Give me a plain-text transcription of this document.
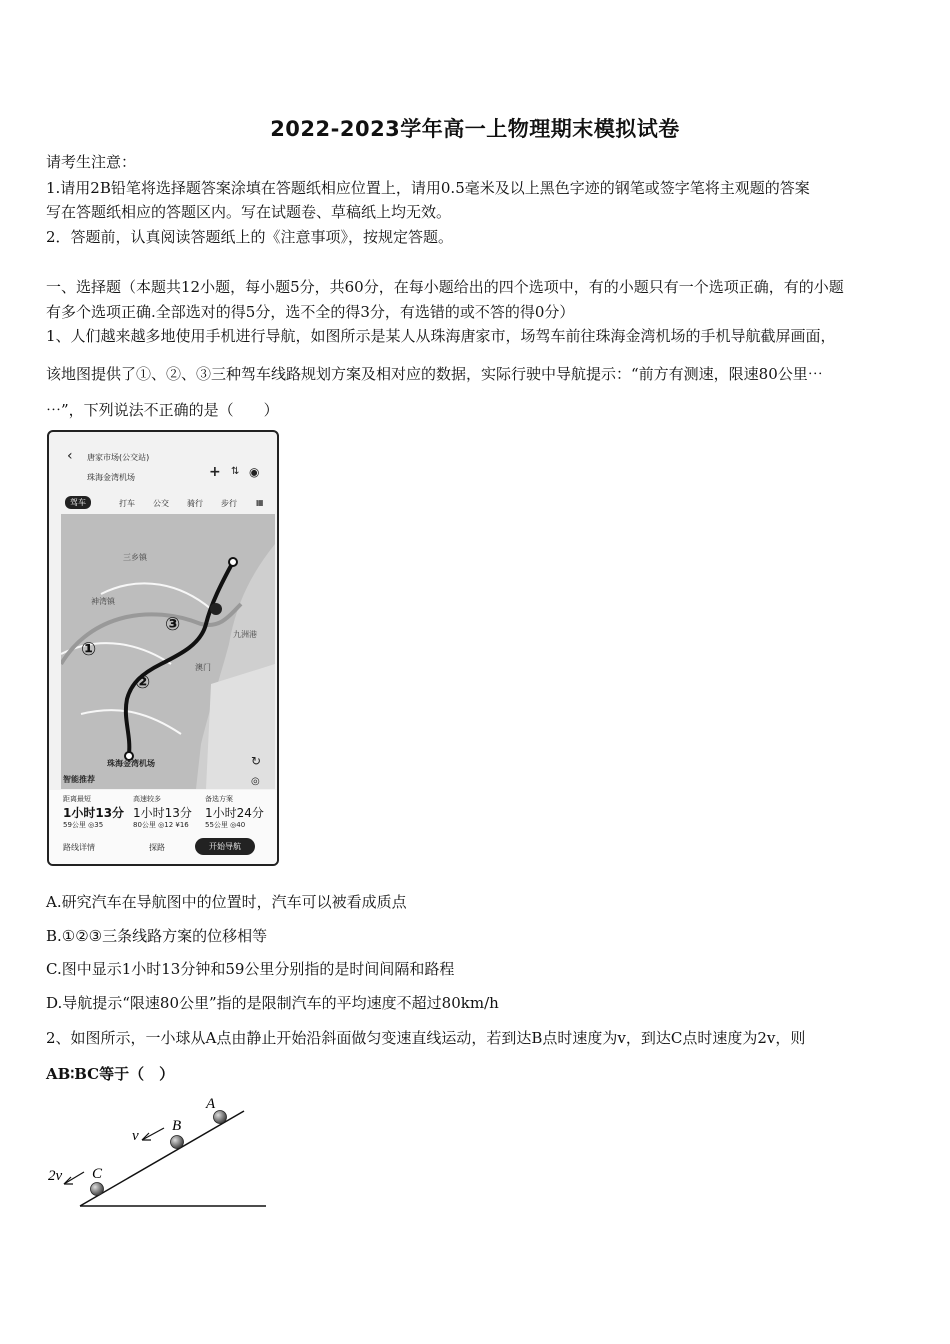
2022-2023学年高一上物理期末模拟试卷
请考生注意：
1.请用2B铅笔将选择题答案涂填在答题纸相应位置上，请用0.5毫米及以上黑色字迹的钢笔或签字笔将主观题的答案
写在答题纸相应的答题区内。写在试题卷、草稿纸上均无效。
2．答题前，认真阅读答题纸上的《注意事项》，按规定答题。
一、选择题（本题共12小题，每小题5分，共60分，在每小题给出的四个选项中，有的小题只有一个选项正确，有的小题
有多个选项正确.全部选对的得5分，选不全的得3分，有选错的或不答的得0分）
1、人们越来越多地使用手机进行导航，如图所示是某人从珠海唐家市，场驾车前往珠海金湾机场的手机导航截屏画面，
该地图提供了①、②、③三种驾车线路规划方案及相对应的数据，实际行驶中导航提示：“前方有测速，限速80公里⋯
⋯”，下列说法不正确的是（　　）
‹ 唐家市场(公交站)
珠海金湾机场	+ ⇅ ◉
驾车	打车 公交 骑行 步行 ▦
三乡镇
神湾镇
九洲港
澳门
珠海金湾机场
①
②
③
↻
◎
智能推荐
距离最短
1小时13分
59公里 ◎35
高速较多
1小时13分
80公里 ◎12 ¥16
备选方案
1小时24分
55公里 ◎40
路线详情	探路	开始导航
A.研究汽车在导航图中的位置时，汽车可以被看成质点
B.①②③三条线路方案的位移相等
C.图中显示1小时13分钟和59公里分别指的是时间间隔和路程
D.导航提示“限速80公里”指的是限制汽车的平均速度不超过80km/h
2、如图所示，一小球从A点由静止开始沿斜面做匀变速直线运动，若到达B点时速度为v，到达C点时速度为2v，则
AB∶BC等于（　）
A
B
v
C
2v
